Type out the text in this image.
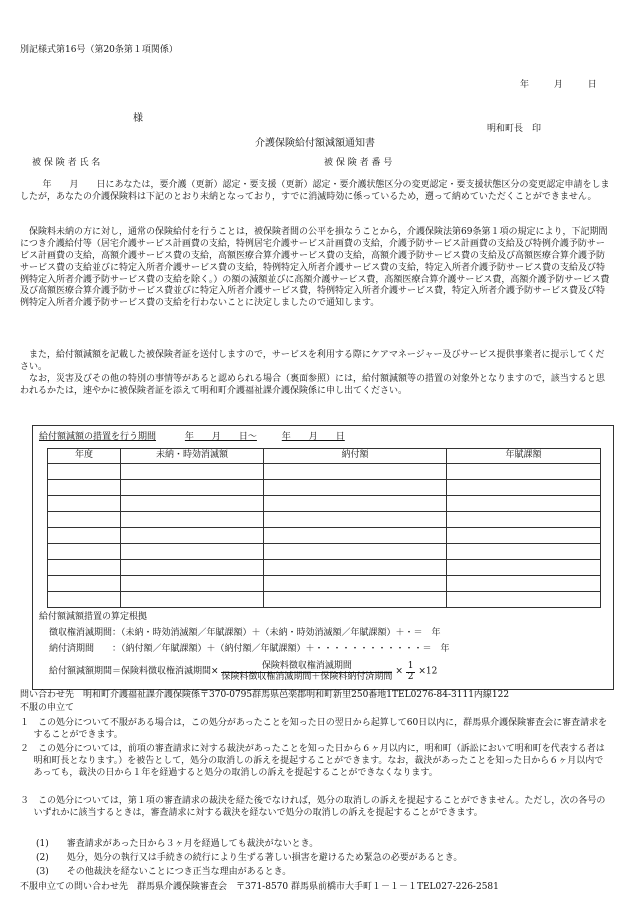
別記様式第16号（第20条第１項関係）
年	月	日
様
明和町長　印
介護保険給付額減額通知書
被 保 険 者 氏 名		被 保 険 者 番 号										
年　　月　　日にあなたは，要介護（更新）認定・要支援（更新）認定・要介護状態区分の変更認定・要支援状態区分の変更認定申請をしましたが，あなたの介護保険料は下記のとおり未納となっており，すでに消滅時効に係っているため，遡って納めていただくことができません。
保険料未納の方に対し，通常の保険給付を行うことは，被保険者間の公平を損なうことから，介護保険法第69条第１項の規定により，下記期間につき介護給付等（居宅介護サービス計画費の支給，特例居宅介護サービス計画費の支給，介護予防サービス計画費の支給及び特例介護予防サービス計画費の支給，高額介護サービス費の支給，高額医療合算介護サービス費の支給，高額介護予防サービス費の支給及び高額医療合算介護予防サービス費の支給並びに特定入所者介護サービス費の支給，特例特定入所者介護サービス費の支給，特定入所者介護予防サービス費の支給及び特例特定入所者介護予防サービス費の支給を除く。）の額の減額並びに高額介護サービス費，高額医療合算介護サービス費，高額介護予防サービス費及び高額医療合算介護予防サービス費並びに特定入所者介護サービス費，特例特定入所者介護サービス費，特定入所者介護予防サービス費及び特例特定入所者介護予防サービス費の支給を行わないことに決定しましたので通知します。
また，給付額減額を記載した被保険者証を送付しますので，サービスを利用する際にケアマネージャー及びサービス提供事業者に提示してください。
なお，災害及びその他の特別の事情等があると認められる場合（裏面参照）には，給付額減額等の措置の対象外となりますので，該当すると思われるかたは，速やかに被保険者証を添えて明和町介護福祉課介護保険係に申し出てください。
給付額減額の措置を行う期間	年　　月　　日〜	年　　月　　日
年度	未納・時効消滅額	納付額	年賦課額

給付額減額措置の算定根拠
徴収権消滅期間：（未納・時効消滅額／年賦課額）＋（未納・時効消滅額／年賦課額）＋・＝　年
納付済期間　　：（納付額／年賦課額）＋（納付額／年賦課額）＋・・・・・・・・・・・・＝　年
給付額減額期間＝保険料徴収権消滅期間× $\frac{\text{保険料徴収権消滅期間}}{\text{保険料徴収権消滅期間＋保険料納付済期間}} \times \frac{1}{2} \times 12$
問い合わせ先　明和町介護福祉課介護保険係〒370-0795群馬県邑楽郡明和町新里250番地1TEL0276-84-3111内線122
不服の申立て
１　この処分について不服がある場合は，この処分があったことを知った日の翌日から起算して60日以内に，群馬県介護保険審査会に審査請求をすることができます。
２　この処分については，前項の審査請求に対する裁決があったことを知った日から６ヶ月以内に，明和町（訴訟において明和町を代表する者は明和町長となります。）を被告として，処分の取消しの訴えを提起することができます。なお，裁決があったことを知った日から６ヶ月以内であっても，裁決の日から１年を経過すると処分の取消しの訴えを提起することができなくなります。
３　この処分については，第１項の審査請求の裁決を経た後でなければ，処分の取消しの訴えを提起することができません。ただし，次の各号のいずれかに該当するときは，審査請求に対する裁決を経ないで処分の取消しの訴えを提起することができます。
(1)　　審査請求があった日から３ヶ月を経過しても裁決がないとき。
(2)　　処分，処分の執行又は手続きの続行により生ずる著しい損害を避けるため緊急の必要があるとき。
(3)　　その他裁決を経ないことにつき正当な理由があるとき。
不服申立ての問い合わせ先　群馬県介護保険審査会　〒371-8570 群馬県前橋市大手町１－１－１TEL027-226-2581
